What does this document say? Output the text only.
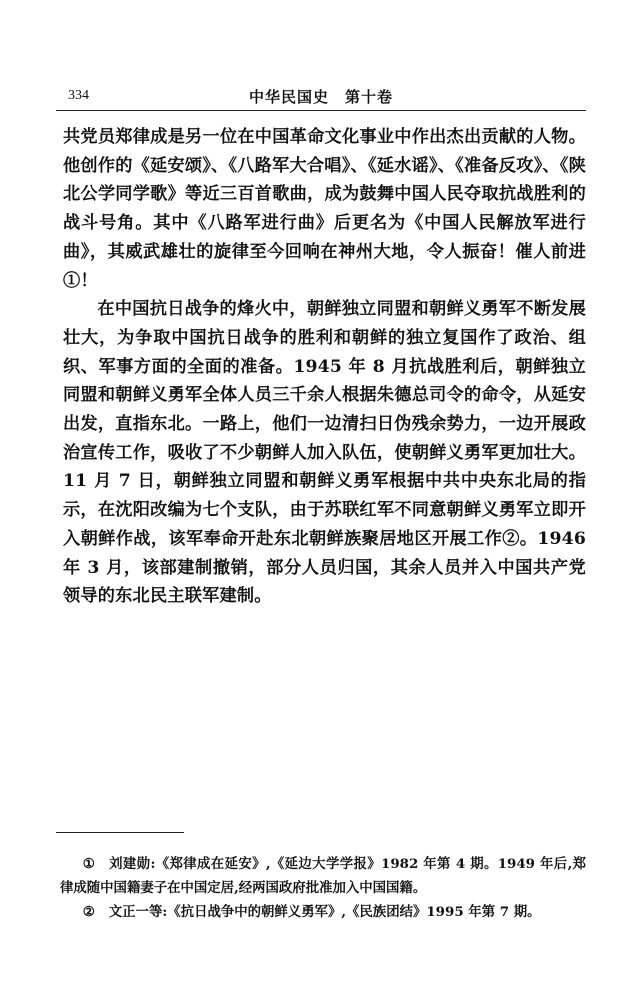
334	中华民国史　第十卷

共党员郑律成是另一位在中国革命文化事业中作出杰出贡献的人物。他创作的《延安颂》、《八路军大合唱》、《延水谣》、《准备反攻》、《陕北公学同学歌》等近三百首歌曲，成为鼓舞中国人民夺取抗战胜利的战斗号角。其中《八路军进行曲》后更名为《中国人民解放军进行曲》，其威武雄壮的旋律至今回响在神州大地，令人振奋！催人前进①！

在中国抗日战争的烽火中，朝鲜独立同盟和朝鲜义勇军不断发展壮大，为争取中国抗日战争的胜利和朝鲜的独立复国作了政治、组织、军事方面的全面的准备。1945 年 8 月抗战胜利后，朝鲜独立同盟和朝鲜义勇军全体人员三千余人根据朱德总司令的命令，从延安出发，直指东北。一路上，他们一边清扫日伪残余势力，一边开展政治宣传工作，吸收了不少朝鲜人加入队伍，使朝鲜义勇军更加壮大。11 月 7 日，朝鲜独立同盟和朝鲜义勇军根据中共中央东北局的指示，在沈阳改编为七个支队，由于苏联红军不同意朝鲜义勇军立即开入朝鲜作战，该军奉命开赴东北朝鲜族聚居地区开展工作②。1946 年 3 月，该部建制撤销，部分人员归国，其余人员并入中国共产党领导的东北民主联军建制。

① 刘建勋:《郑律成在延安》,《延边大学学报》1982 年第 4 期。1949 年后,郑律成随中国籍妻子在中国定居,经两国政府批准加入中国国籍。

② 文正一等:《抗日战争中的朝鲜义勇军》,《民族团结》1995 年第 7 期。
